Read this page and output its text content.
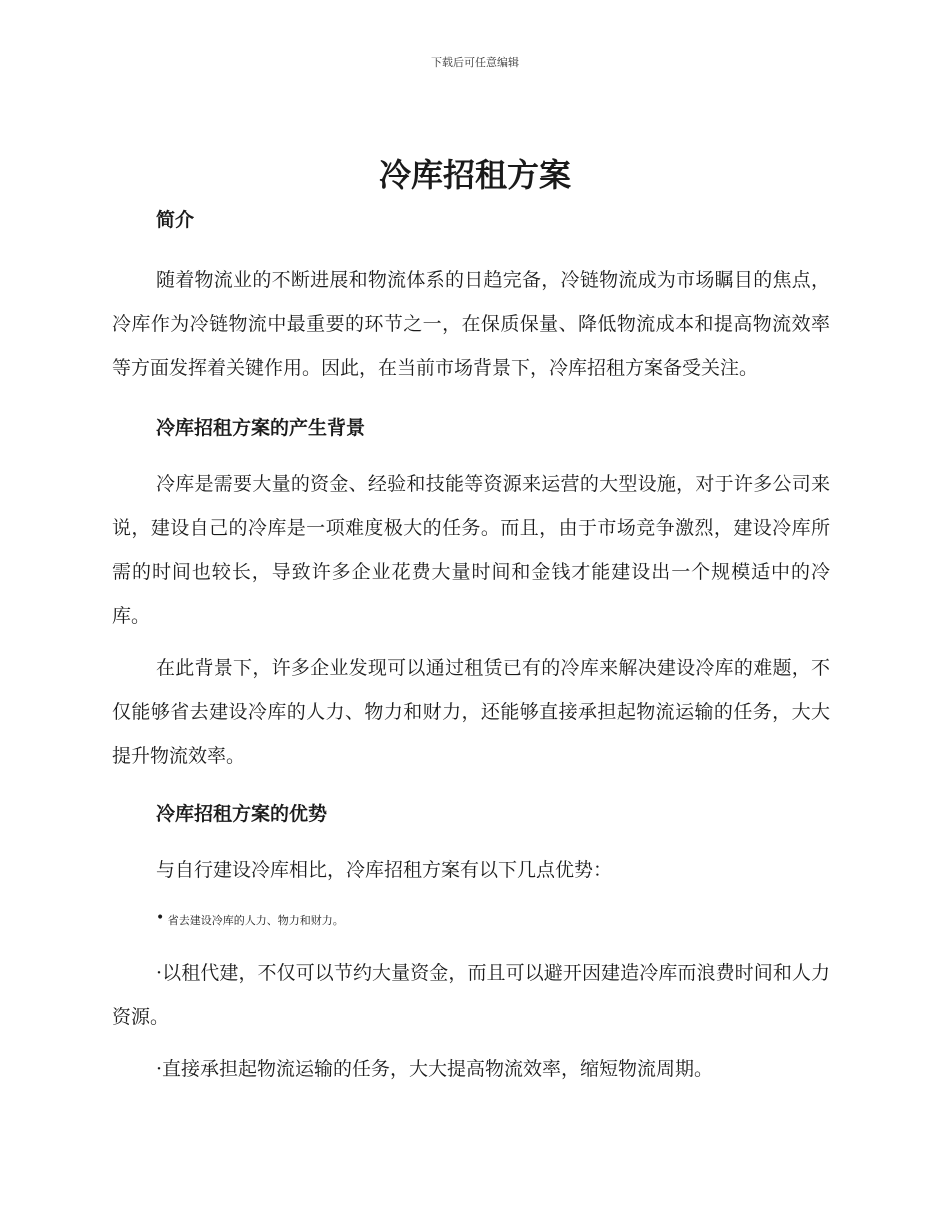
下载后可任意编辑
冷库招租方案
简介

随着物流业的不断进展和物流体系的日趋完备，冷链物流成为市场瞩目的焦点，冷库作为冷链物流中最重要的环节之一，在保质保量、降低物流成本和提高物流效率等方面发挥着关键作用。因此，在当前市场背景下，冷库招租方案备受关注。

冷库招租方案的产生背景

冷库是需要大量的资金、经验和技能等资源来运营的大型设施，对于许多公司来说，建设自己的冷库是一项难度极大的任务。而且，由于市场竞争激烈，建设冷库所需的时间也较长，导致许多企业花费大量时间和金钱才能建设出一个规模适中的冷库。

在此背景下，许多企业发现可以通过租赁已有的冷库来解决建设冷库的难题，不仅能够省去建设冷库的人力、物力和财力，还能够直接承担起物流运输的任务，大大提升物流效率。

冷库招租方案的优势

与自行建设冷库相比，冷库招租方案有以下几点优势：

• 省去建设冷库的人力、物力和财力。

·以租代建，不仅可以节约大量资金，而且可以避开因建造冷库而浪费时间和人力资源。

·直接承担起物流运输的任务，大大提高物流效率，缩短物流周期。
